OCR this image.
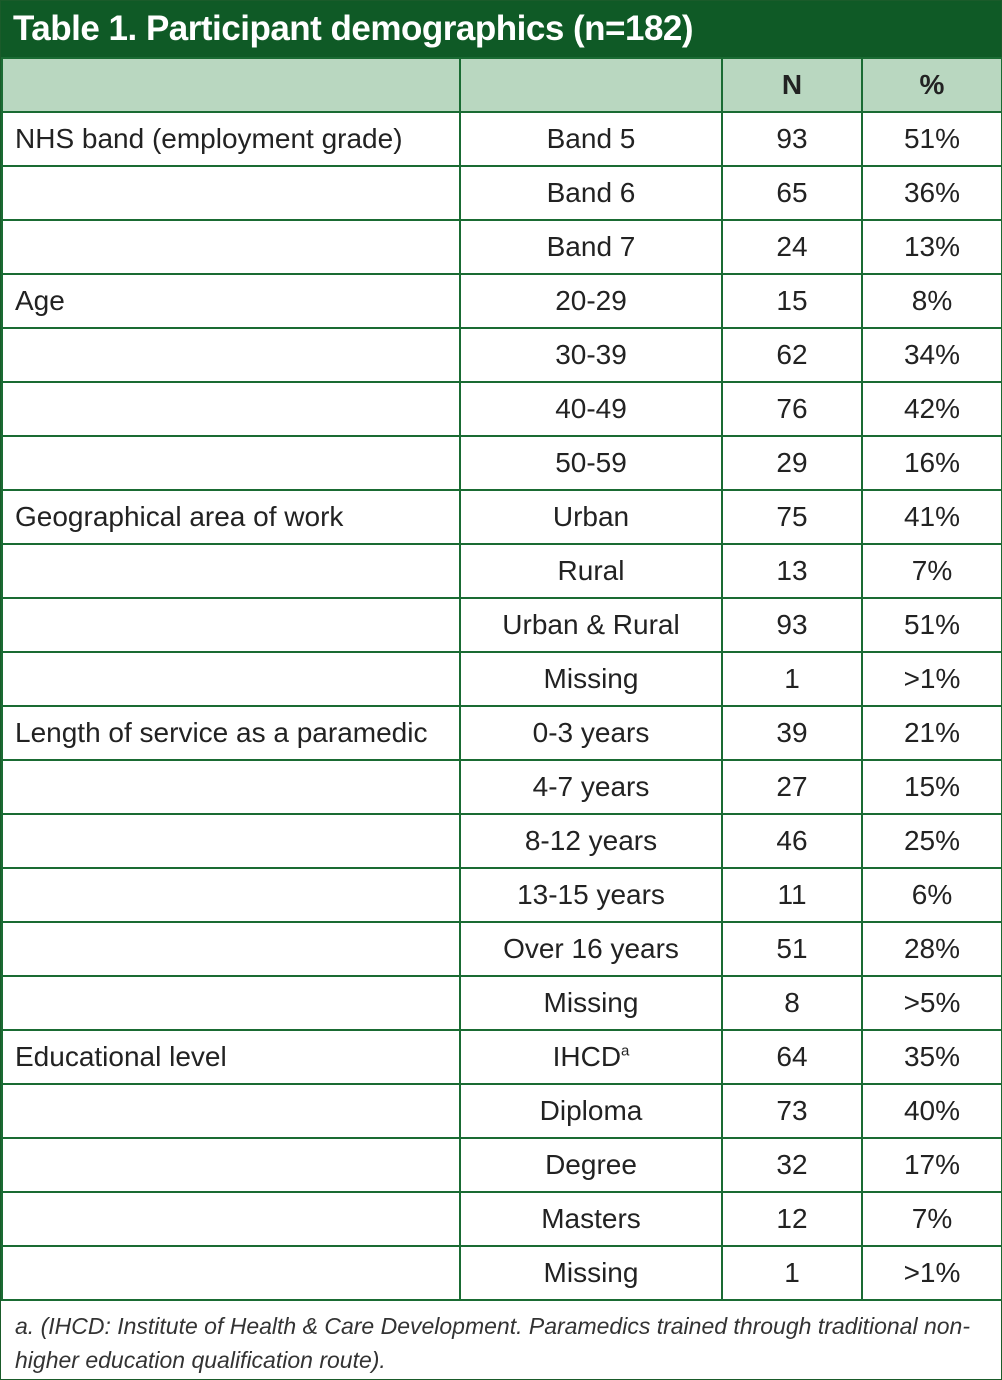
Table 1. Participant demographics (n=182)
		N	%
NHS band (employment grade)	Band 5	93	51%
	Band 6	65	36%
	Band 7	24	13%
Age	20-29	15	8%
	30-39	62	34%
	40-49	76	42%
	50-59	29	16%
Geographical area of work	Urban	75	41%
	Rural	13	7%
	Urban & Rural	93	51%
	Missing	1	>1%
Length of service as a paramedic	0-3 years	39	21%
	4-7 years	27	15%
	8-12 years	46	25%
	13-15 years	11	6%
	Over 16 years	51	28%
	Missing	8	>5%
Educational level	IHCD$^a$	64	35%
	Diploma	73	40%
	Degree	32	17%
	Masters	12	7%
	Missing	1	>1%
a. (IHCD: Institute of Health & Care Development. Paramedics trained through traditional non-higher education qualification route).
